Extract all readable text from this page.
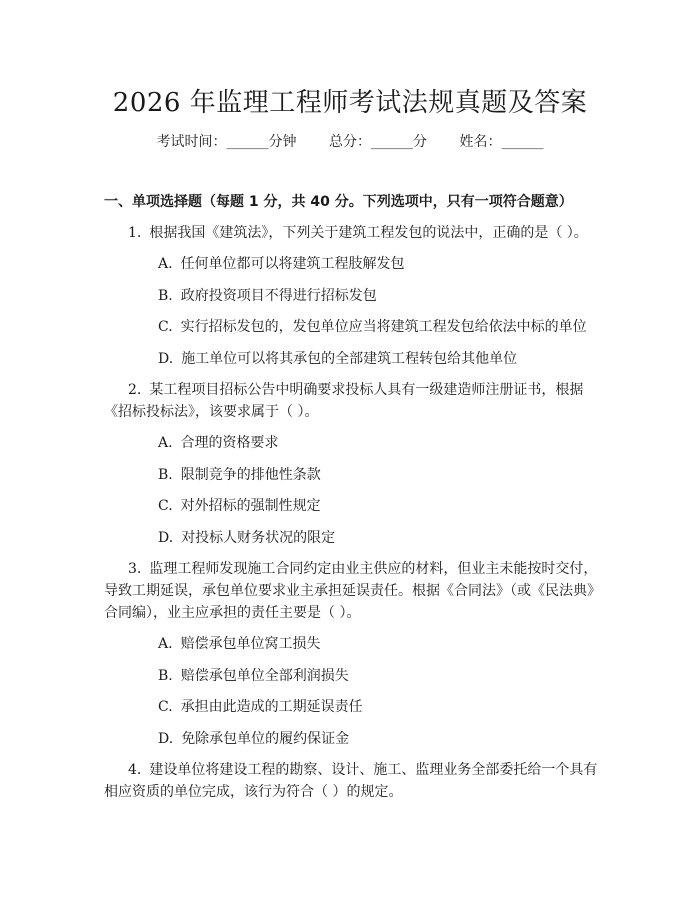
2026 年监理工程师考试法规真题及答案
考试时间：______分钟 总分：______分 姓名：______
一、单项选择题（每题 1 分，共 40 分。下列选项中，只有一项符合题意）

1. 根据我国《建筑法》，下列关于建筑工程发包的说法中，正确的是（ ）。

A. 任何单位都可以将建筑工程肢解发包

B. 政府投资项目不得进行招标发包

C. 实行招标发包的，发包单位应当将建筑工程发包给依法中标的单位

D. 施工单位可以将其承包的全部建筑工程转包给其他单位

2. 某工程项目招标公告中明确要求投标人具有一级建造师注册证书，根据《招标投标法》，该要求属于（ ）。

A. 合理的资格要求

B. 限制竞争的排他性条款

C. 对外招标的强制性规定

D. 对投标人财务状况的限定

3. 监理工程师发现施工合同约定由业主供应的材料，但业主未能按时交付，导致工期延误，承包单位要求业主承担延误责任。根据《合同法》（或《民法典》合同编），业主应承担的责任主要是（ ）。

A. 赔偿承包单位窝工损失

B. 赔偿承包单位全部利润损失

C. 承担由此造成的工期延误责任

D. 免除承包单位的履约保证金

4. 建设单位将建设工程的勘察、设计、施工、监理业务全部委托给一个具有相应资质的单位完成，该行为符合（ ）的规定。
